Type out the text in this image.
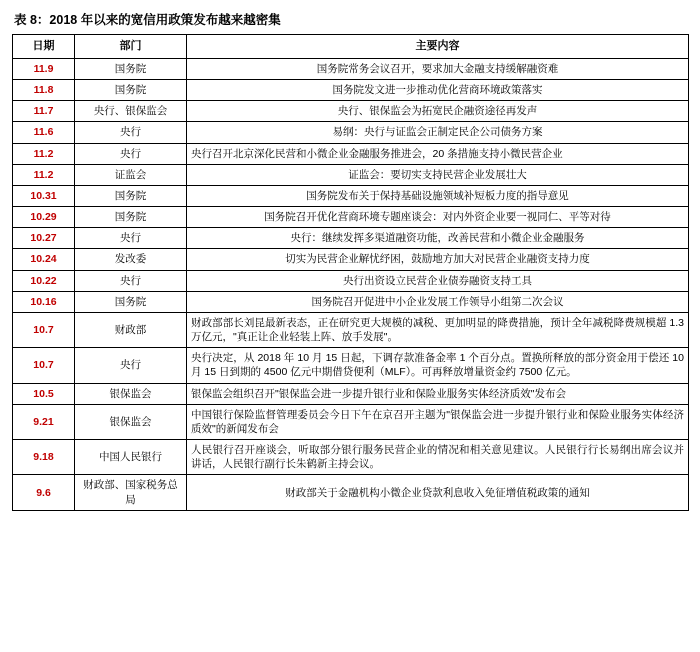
表 8：2018 年以来的宽信用政策发布越来越密集
日期	部门	主要内容
11.9	国务院	国务院常务会议召开，要求加大金融支持缓解融资难
11.8	国务院	国务院发文进一步推动优化营商环境政策落实
11.7	央行、银保监会	央行、银保监会为拓宽民企融资途径再发声
11.6	央行	易纲：央行与证监会正制定民企公司债务方案
11.2	央行	央行召开北京深化民营和小微企业金融服务推进会，20 条措施支持小微民营企业
11.2	证监会	证监会：要切实支持民营企业发展壮大
10.31	国务院	国务院发布关于保持基础设施领域补短板力度的指导意见
10.29	国务院	国务院召开优化营商环境专题座谈会：对内外资企业要一视同仁、平等对待
10.27	央行	央行：继续发挥多渠道融资功能，改善民营和小微企业金融服务
10.24	发改委	切实为民营企业解忧纾困，鼓励地方加大对民营企业融资支持力度
10.22	央行	央行出资设立民营企业债券融资支持工具
10.16	国务院	国务院召开促进中小企业发展工作领导小组第二次会议
10.7	财政部	财政部部长刘昆最新表态，正在研究更大规模的减税、更加明显的降费措施，预计全年减税降费规模超 1.3 万亿元，"真正让企业轻装上阵、放手发展"。
10.7	央行	央行决定，从 2018 年 10 月 15 日起，下调存款准备金率 1 个百分点。置换所释放的部分资金用于偿还 10 月 15 日到期的 4500 亿元中期借贷便利（MLF）。可再释放增量资金约 7500 亿元。
10.5	银保监会	银保监会组织召开"银保监会进一步提升银行业和保险业服务实体经济质效"发布会
9.21	银保监会	中国银行保险监督管理委员会今日下午在京召开主题为"银保监会进一步提升银行业和保险业服务实体经济质效"的新闻发布会
9.18	中国人民银行	人民银行召开座谈会，听取部分银行服务民营企业的情况和相关意见建议。人民银行行长易纲出席会议并讲话，人民银行副行长朱鹤新主持会议。
9.6	财政部、国家税务总局	财政部关于金融机构小微企业贷款利息收入免征增值税政策的通知
